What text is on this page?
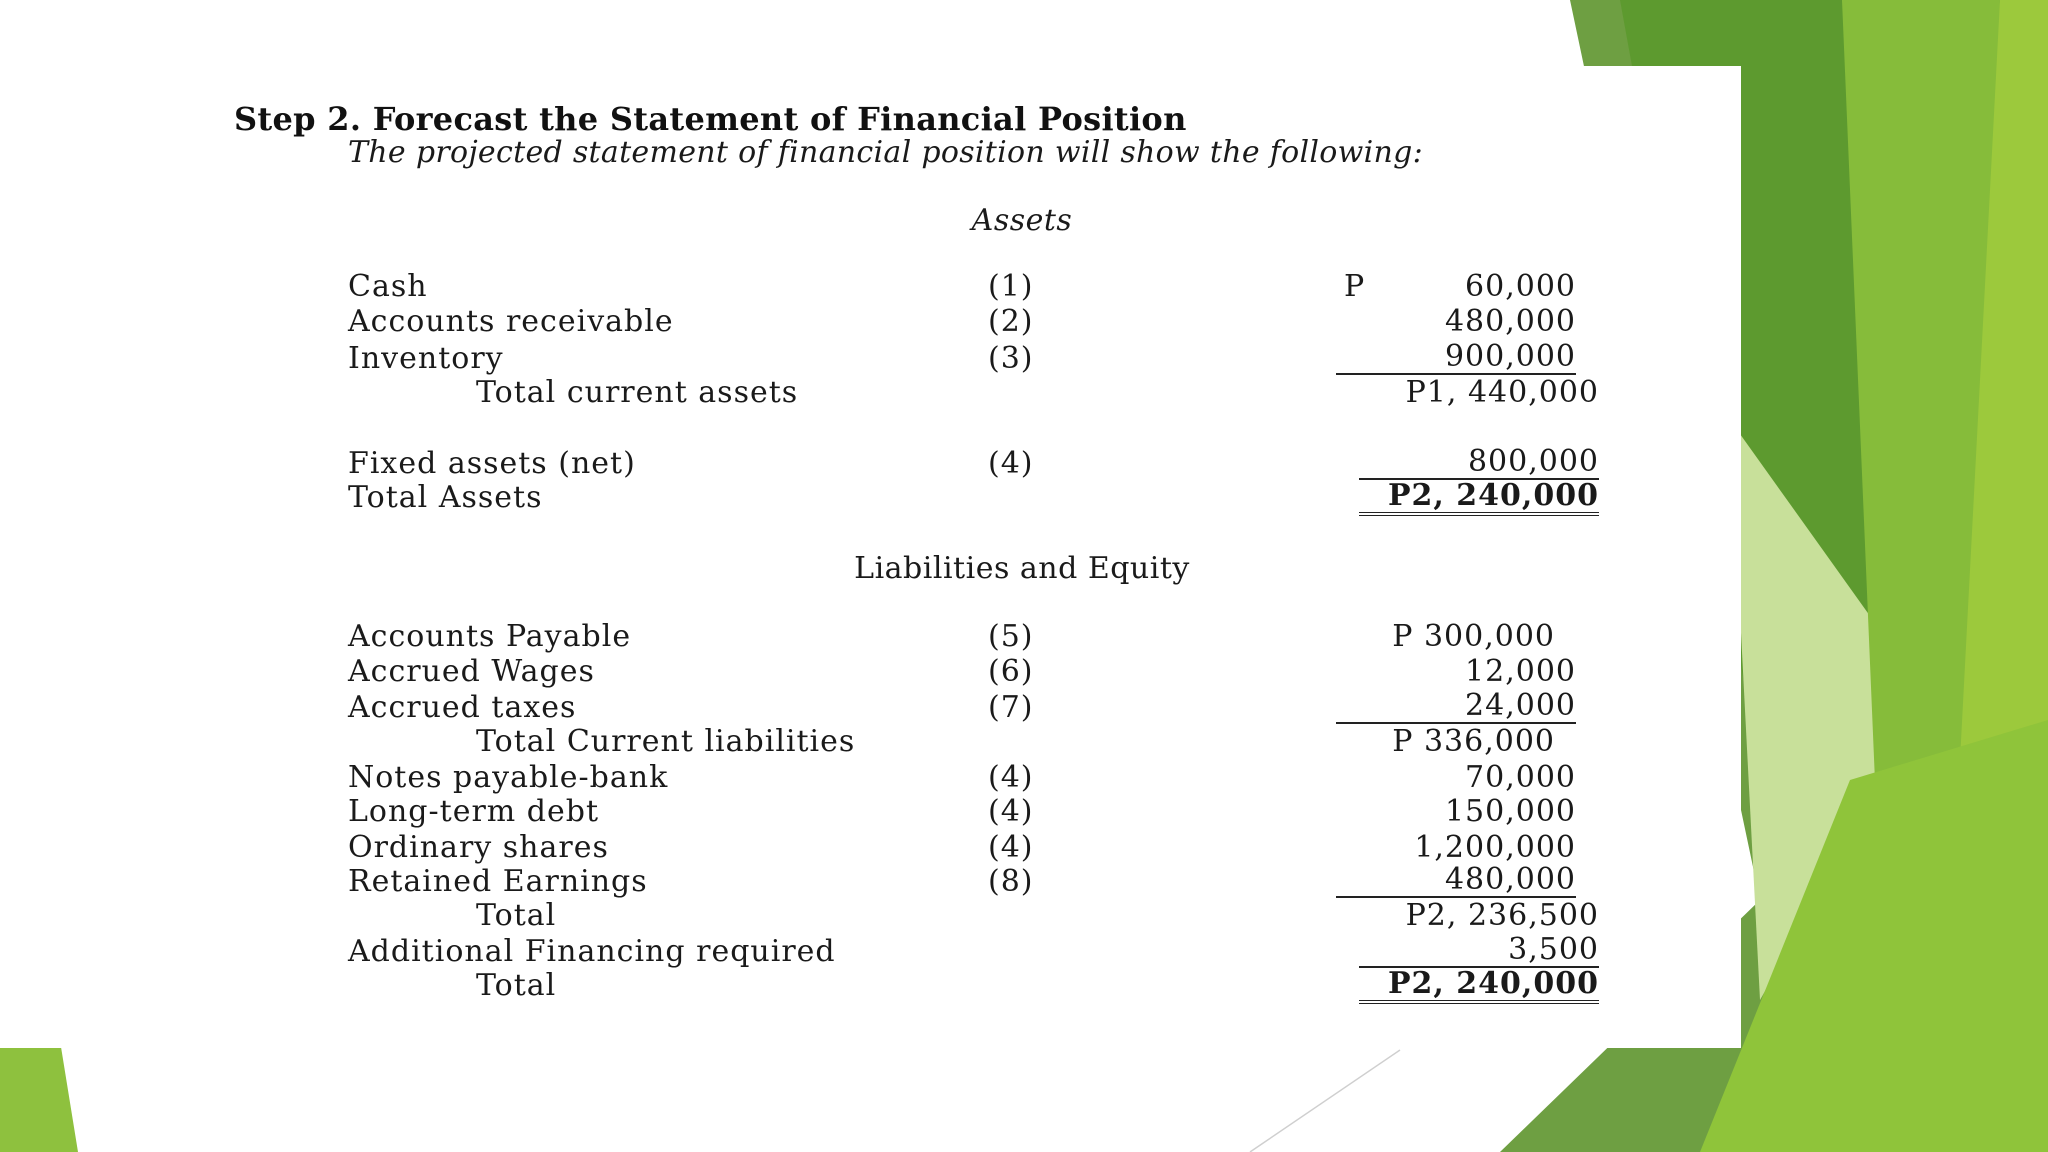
Step 2. Forecast the Statement of Financial Position
The projected statement of financial position will show the following:
Assets
Cash	(1)	P	60,000
Accounts receivable	(2)	480,000
Inventory	(3)	900,000
Total current assets	P1, 440,000
Fixed assets (net)	(4)	800,000
Total Assets	P2, 240,000
Liabilities and Equity
Accounts Payable	(5)	P 300,000
Accrued Wages	(6)	12,000
Accrued taxes	(7)	24,000
Total Current liabilities	P 336,000
Notes payable-bank	(4)	70,000
Long-term debt	(4)	150,000
Ordinary shares	(4)	1,200,000
Retained Earnings	(8)	480,000
Total	P2, 236,500
Additional Financing required	3,500
Total	P2, 240,000
